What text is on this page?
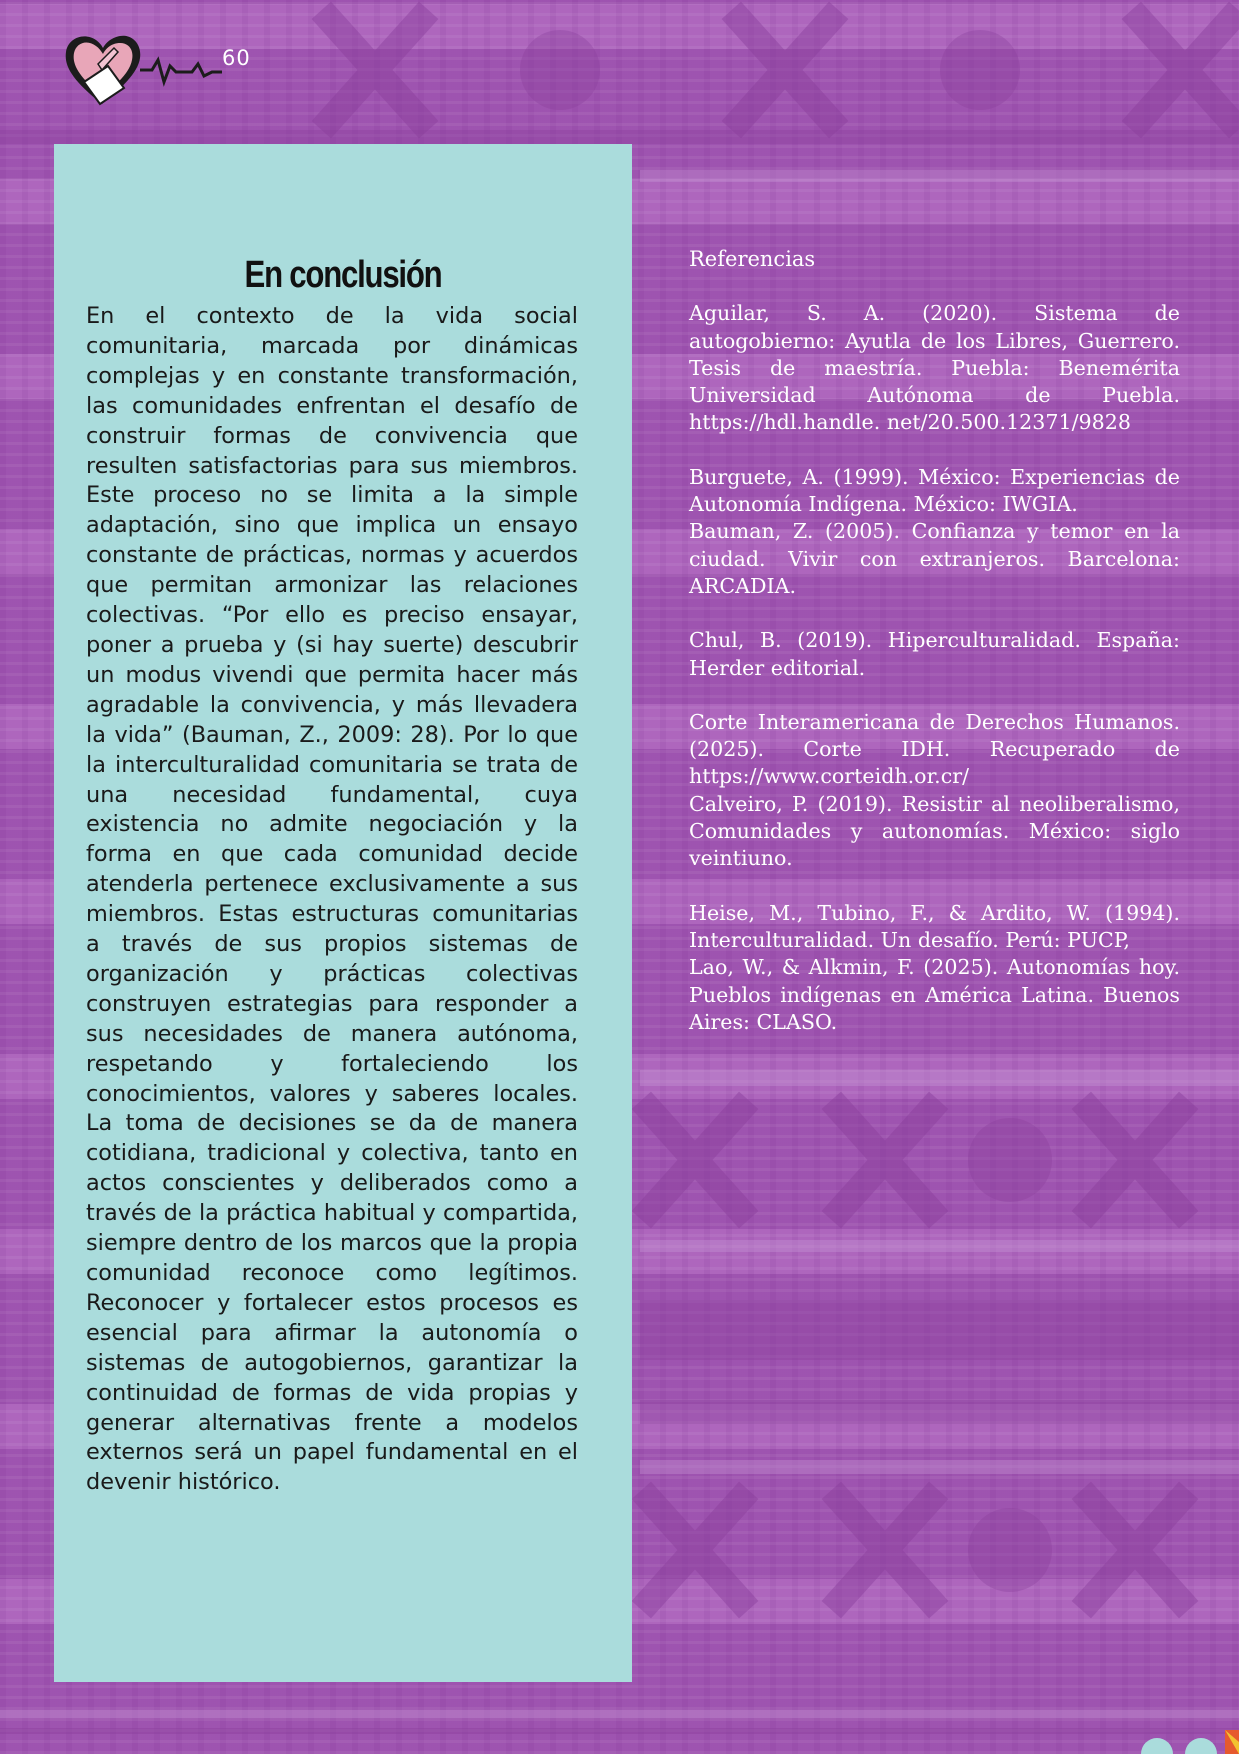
60
En conclusión

En el contexto de la vida social comunitaria, marcada por dinámicas complejas y en constante transformación, las comunidades enfrentan el desafío de construir formas de convivencia que resulten satisfactorias para sus miembros. Este proceso no se limita a la simple adaptación, sino que implica un ensayo constante de prácticas, normas y acuerdos que permitan armonizar las relaciones colectivas. “Por ello es preciso ensayar, poner a prueba y (si hay suerte) descubrir un modus vivendi que permita hacer más agradable la convivencia, y más llevadera la vida” (Bauman, Z., 2009: 28). Por lo que la interculturalidad comunitaria se trata de una necesidad fundamental, cuya existencia no admite negociación y la forma en que cada comunidad decide atenderla pertenece exclusivamente a sus miembros. Estas estructuras comunitarias a través de sus propios sistemas de organización y prácticas colectivas construyen estrategias para responder a sus necesidades de manera autónoma, respetando y fortaleciendo los conocimientos, valores y saberes locales. La toma de decisiones se da de manera cotidiana, tradicional y colectiva, tanto en actos conscientes y deliberados como a través de la práctica habitual y compartida, siempre dentro de los marcos que la propia comunidad reconoce como legítimos. Reconocer y fortalecer estos procesos es esencial para afirmar la autonomía o sistemas de autogobiernos, garantizar la continuidad de formas de vida propias y generar alternativas frente a modelos externos será un papel fundamental en el devenir histórico.

Referencias

Aguilar, S. A. (2020). Sistema de autogobierno: Ayutla de los Libres, Guerrero. Tesis de maestría. Puebla: Benemérita Universidad Autónoma de Puebla. https://hdl.handle. net/20.500.12371/9828

Burguete, A. (1999). México: Experiencias de Autonomía Indígena. México: IWGIA.

Bauman, Z. (2005). Confianza y temor en la ciudad. Vivir con extranjeros. Barcelona: ARCADIA.

Chul, B. (2019). Hiperculturalidad. España: Herder editorial.

Corte Interamericana de Derechos Humanos. (2025). Corte IDH. Recuperado de https://www.corteidh.or.cr/

Calveiro, P. (2019). Resistir al neoliberalismo, Comunidades y autonomías. México: siglo veintiuno.

Heise, M., Tubino, F., & Ardito, W. (1994). Interculturalidad. Un desafío. Perú: PUCP,

Lao, W., & Alkmin, F. (2025). Autonomías hoy. Pueblos indígenas en América Latina. Buenos Aires: CLASO.
